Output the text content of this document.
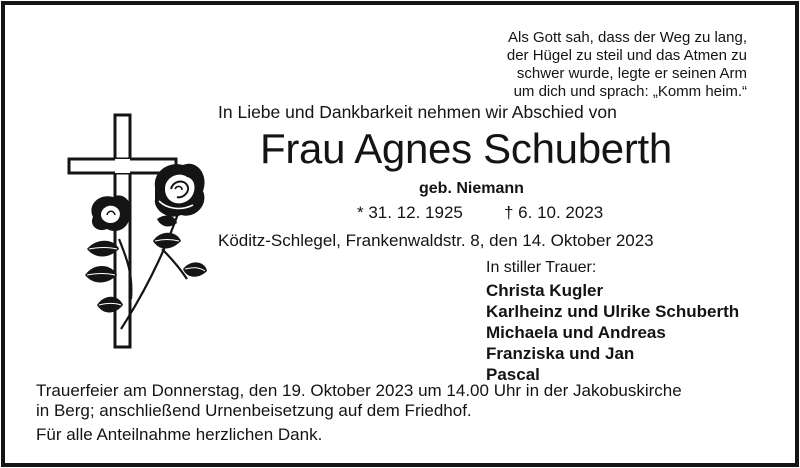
Als Gott sah, dass der Weg zu lang,
der Hügel zu steil und das Atmen zu
schwer wurde, legte er seinen Arm
um dich und sprach: „Komm heim.“
In Liebe und Dankbarkeit nehmen wir Abschied von
Frau Agnes Schuberth
geb. Niemann
* 31. 12. 1925 † 6. 10. 2023
Köditz-Schlegel, Frankenwaldstr. 8, den 14. Oktober 2023
In stiller Trauer:
Christa Kugler
Karlheinz und Ulrike Schuberth
Michaela und Andreas
Franziska und Jan
Pascal
Trauerfeier am Donnerstag, den 19. Oktober 2023 um 14.00 Uhr in der Jakobuskirche
in Berg; anschließend Urnenbeisetzung auf dem Friedhof.
Für alle Anteilnahme herzlichen Dank.
